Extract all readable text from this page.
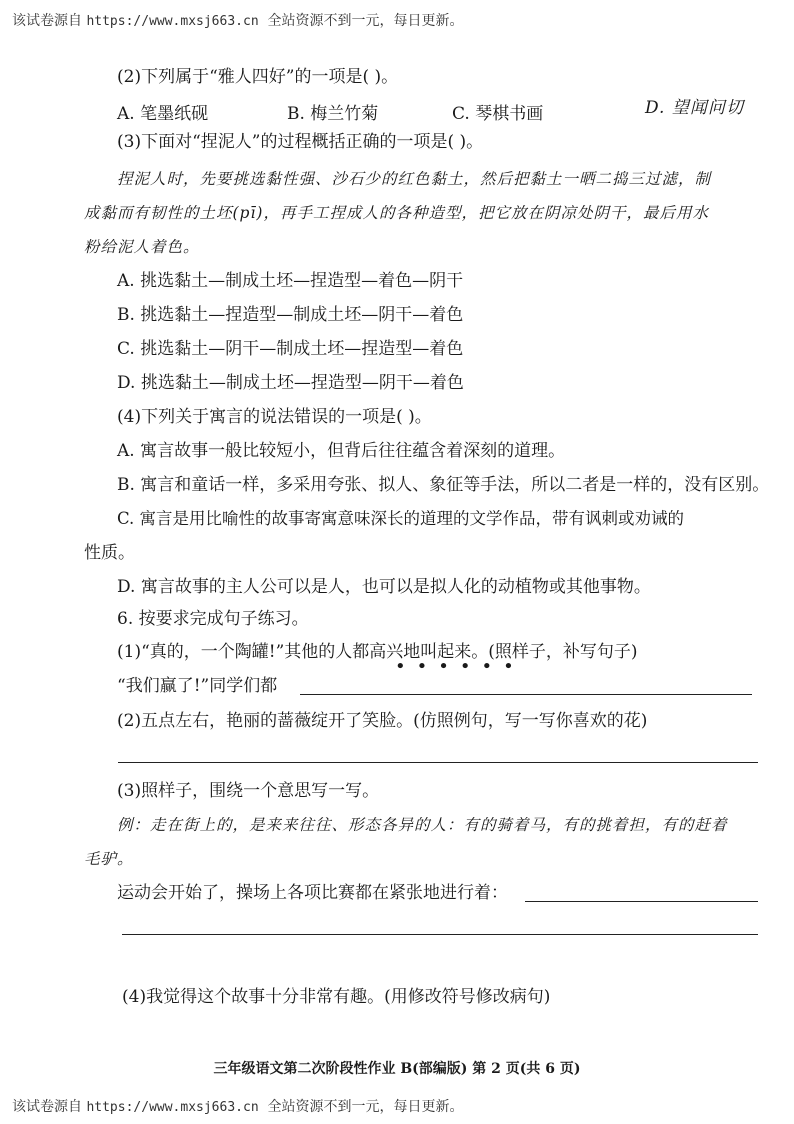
该试卷源自 https://www.mxsj663.cn  全站资源不到一元，每日更新。
(2)下列属于“雅人四好”的一项是( )。
A. 笔墨纸砚	B. 梅兰竹菊	C. 琴棋书画	D. 望闻问切
(3)下面对“捏泥人”的过程概括正确的一项是( )。
捏泥人时，先要挑选黏性强、沙石少的红色黏土，然后把黏土一晒二捣三过滤，制
成黏而有韧性的土坯(pī)，再手工捏成人的各种造型，把它放在阴凉处阴干，最后用水
粉给泥人着色。
A. 挑选黏土—制成土坯—捏造型—着色—阴干
B. 挑选黏土—捏造型—制成土坯—阴干—着色
C. 挑选黏土—阴干—制成土坯—捏造型—着色
D. 挑选黏土—制成土坯—捏造型—阴干—着色
(4)下列关于寓言的说法错误的一项是( )。
A. 寓言故事一般比较短小，但背后往往蕴含着深刻的道理。
B. 寓言和童话一样，多采用夸张、拟人、象征等手法，所以二者是一样的，没有区别。
C. 寓言是用比喻性的故事寄寓意味深长的道理的文学作品，带有讽刺或劝诫的
性质。
D. 寓言故事的主人公可以是人，也可以是拟人化的动植物或其他事物。
6. 按要求完成句子练习。
(1)“真的，一个陶罐!”其他的人都高兴地叫起来。(照样子，补写句子)
••••••
“我们赢了!”同学们都
(2)五点左右，艳丽的蔷薇绽开了笑脸。(仿照例句，写一写你喜欢的花)
(3)照样子，围绕一个意思写一写。
例：走在街上的，是来来往往、形态各异的人：有的骑着马，有的挑着担，有的赶着
毛驴。
运动会开始了，操场上各项比赛都在紧张地进行着：
(4)我觉得这个故事十分非常有趣。(用修改符号修改病句)
三年级语文第二次阶段性作业 B(部编版) 第 2 页(共 6 页)
该试卷源自 https://www.mxsj663.cn  全站资源不到一元，每日更新。
